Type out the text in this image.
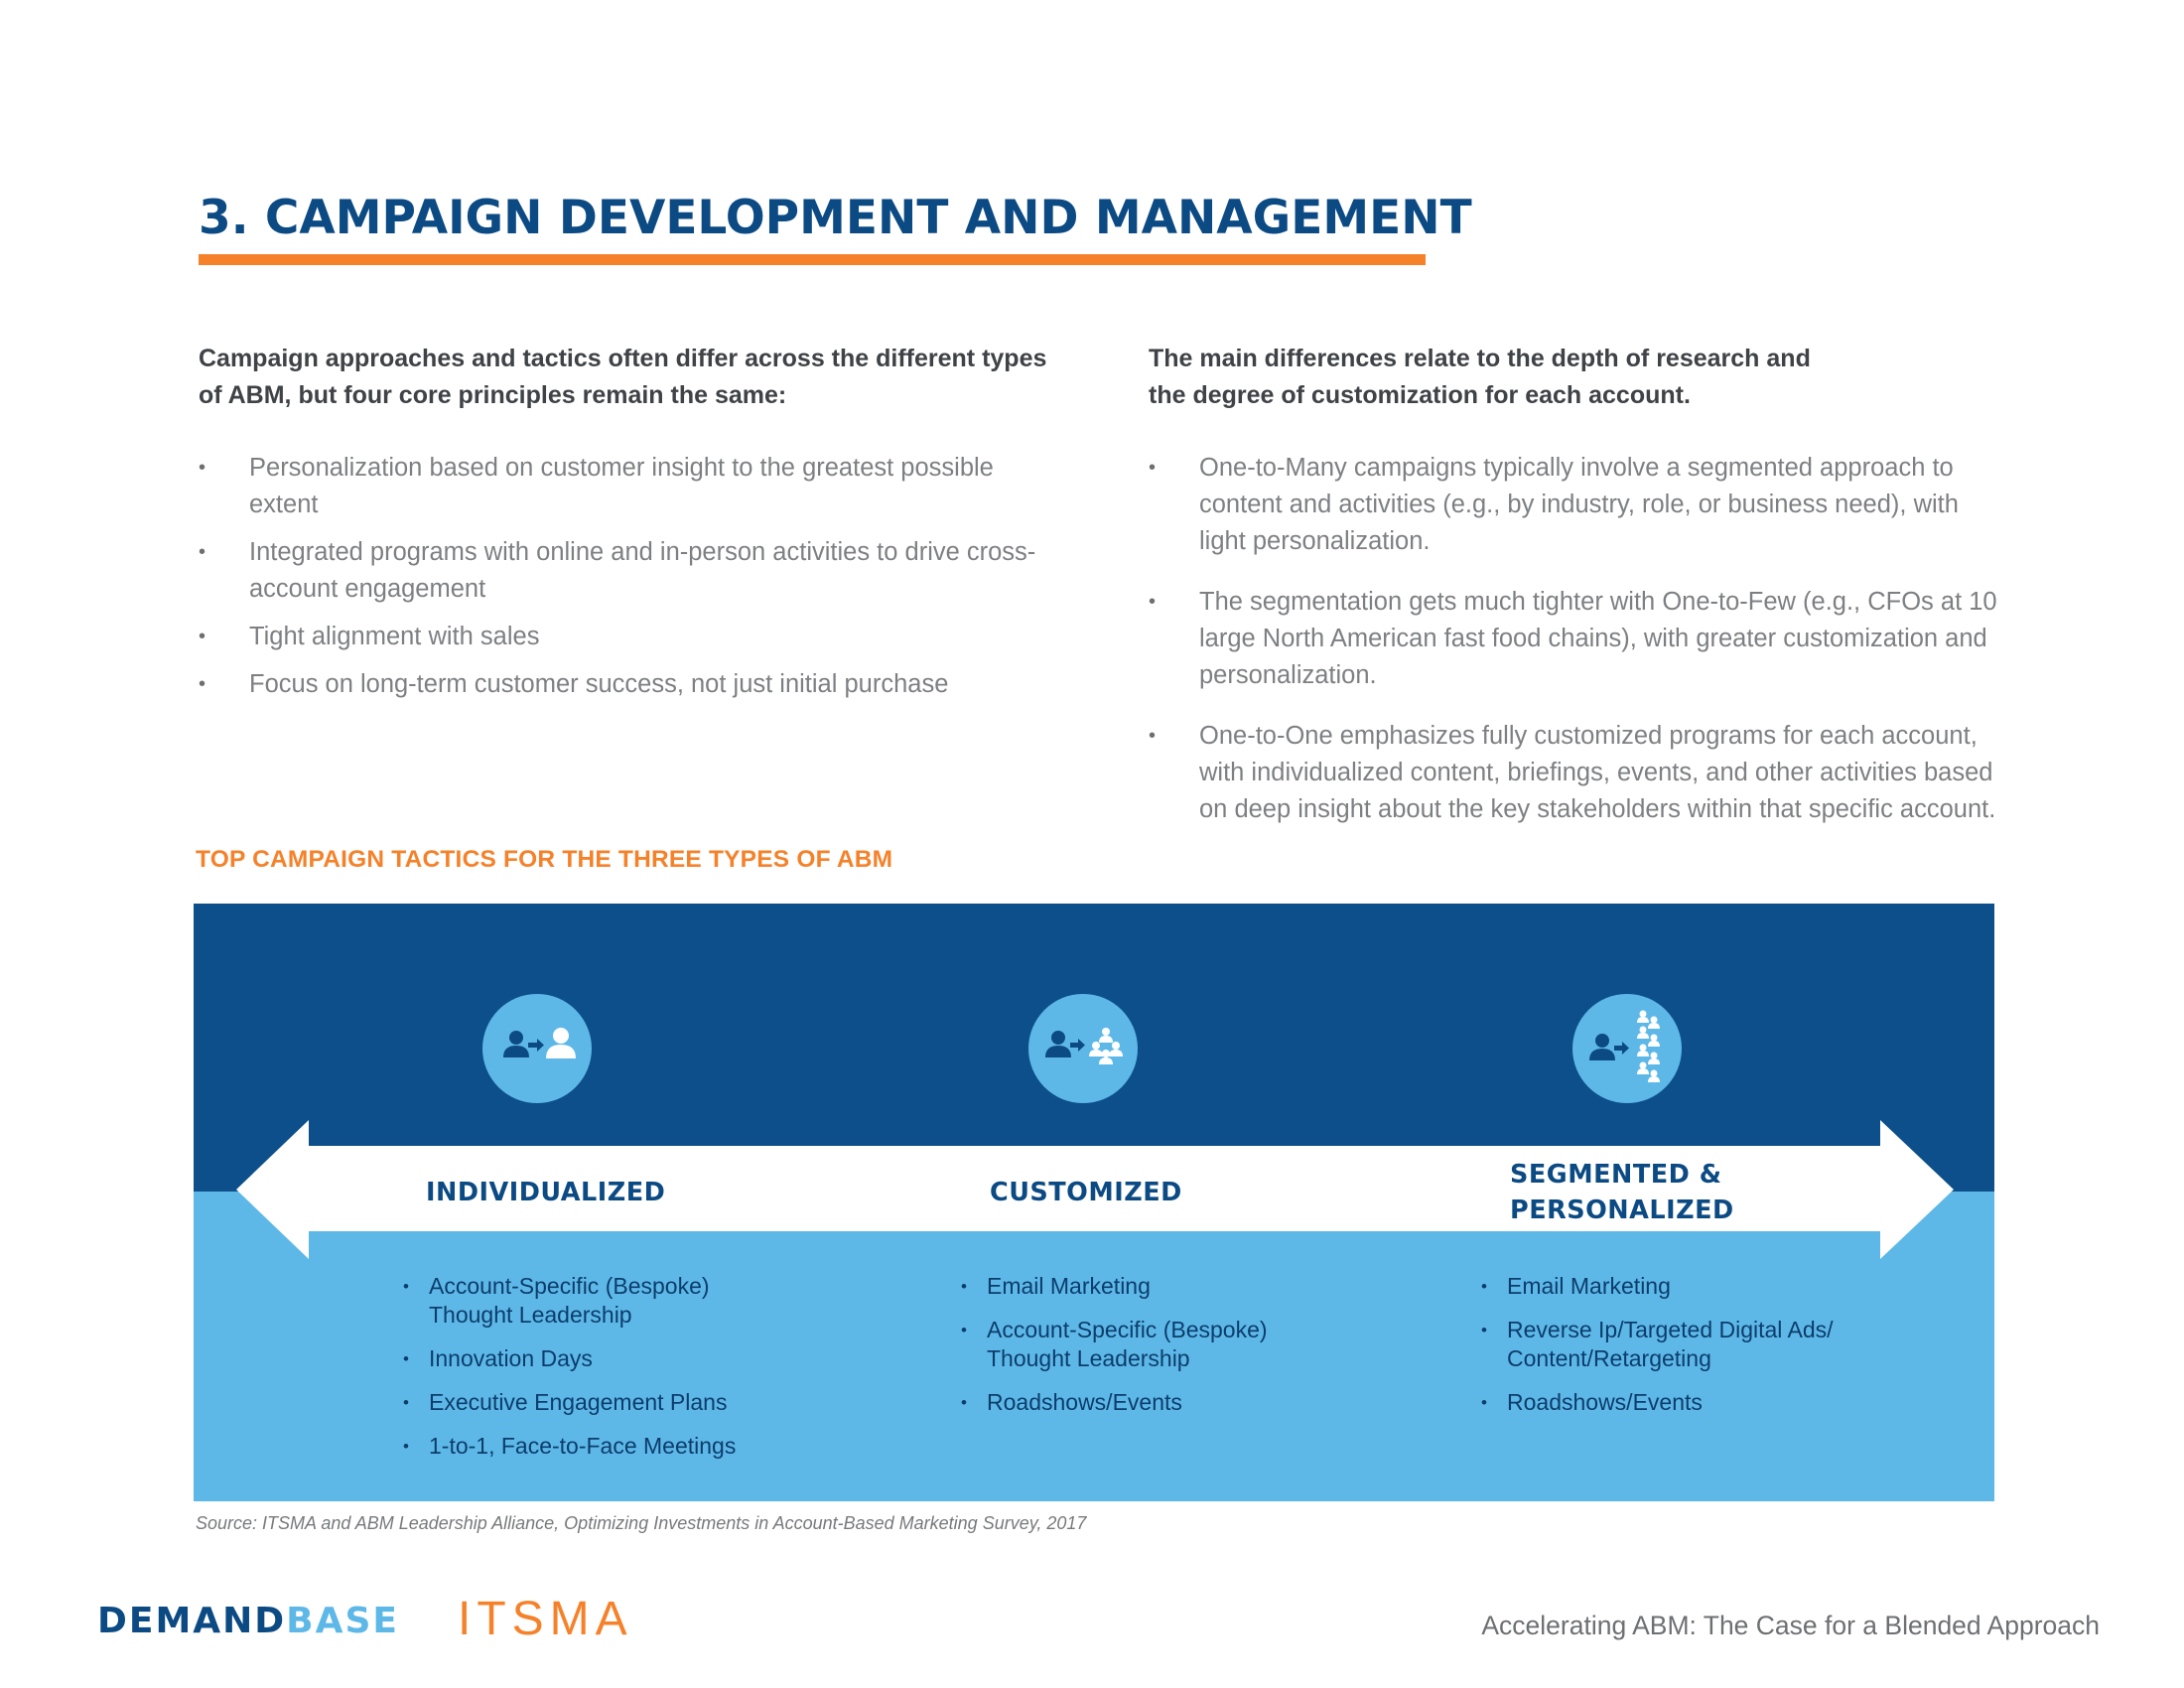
3. CAMPAIGN DEVELOPMENT AND MANAGEMENT

Campaign approaches and tactics often differ across the different types of ABM, but four core principles remain the same:

• Personalization based on customer insight to the greatest possible extent
• Integrated programs with online and in-person activities to drive cross-account engagement
• Tight alignment with sales
• Focus on long-term customer success, not just initial purchase

The main differences relate to the depth of research and the degree of customization for each account.

• One-to-Many campaigns typically involve a segmented approach to content and activities (e.g., by industry, role, or business need), with light personalization.
• The segmentation gets much tighter with One-to-Few (e.g., CFOs at 10 large North American fast food chains), with greater customization and personalization.
• One-to-One emphasizes fully customized programs for each account, with individualized content, briefings, events, and other activities based on deep insight about the key stakeholders within that specific account.
TOP CAMPAIGN TACTICS FOR THE THREE TYPES OF ABM
INDIVIDUALIZED	CUSTOMIZED
SEGMENTED & PERSONALIZED
• Account-Specific (Bespoke) Thought Leadership
• Innovation Days
• Executive Engagement Plans
• 1-to-1, Face-to-Face Meetings
• Email Marketing
• Account-Specific (Bespoke) Thought Leadership
• Roadshows/Events
• Email Marketing
• Reverse Ip/Targeted Digital Ads/ Content/Retargeting
• Roadshows/Events
Source: ITSMA and ABM Leadership Alliance, Optimizing Investments in Account-Based Marketing Survey, 2017
DEMANDBASE ITSMA	Accelerating ABM: The Case for a Blended Approach
